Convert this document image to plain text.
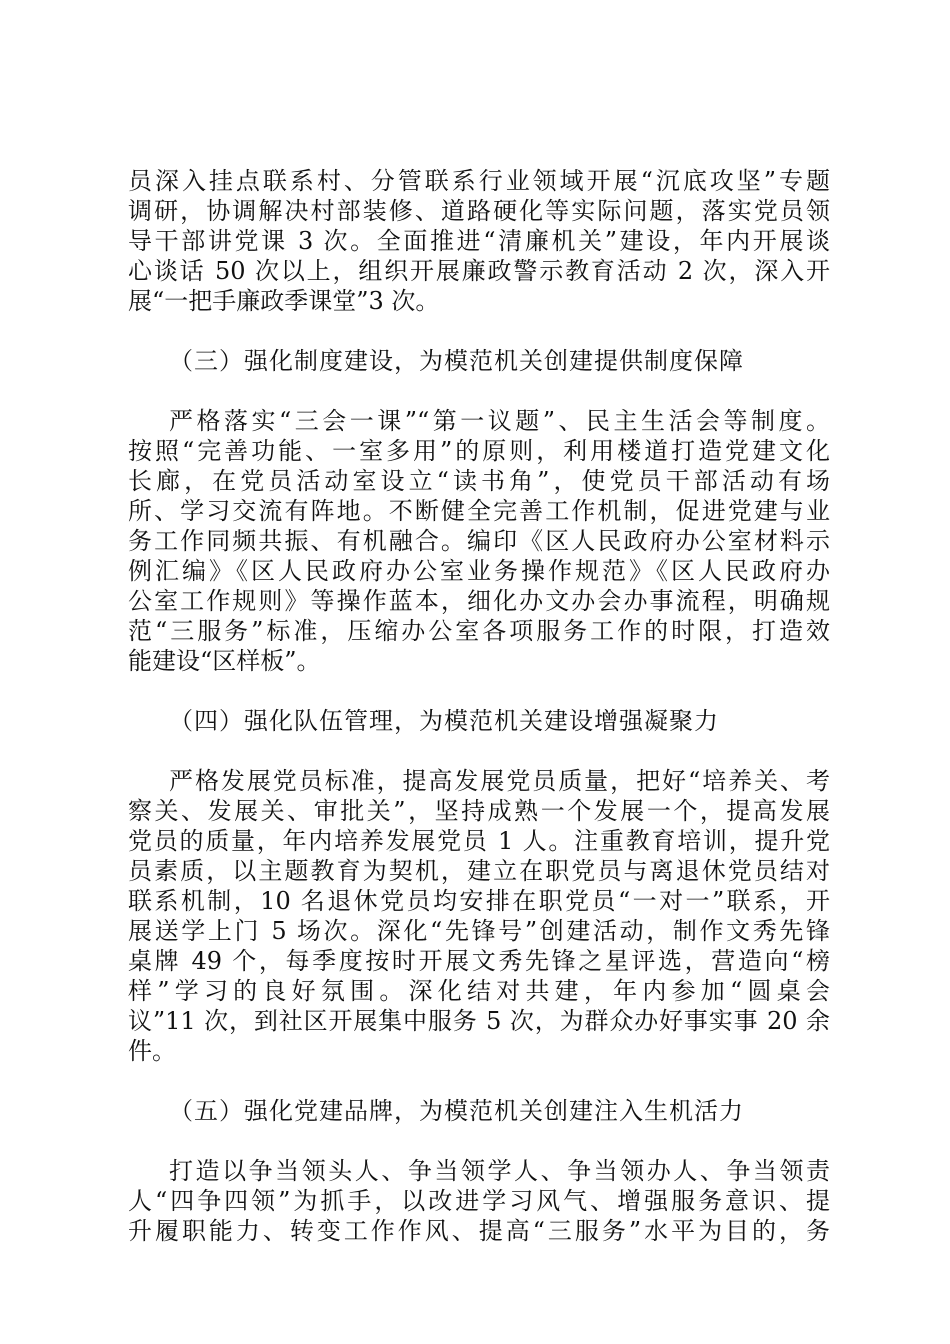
员深入挂点联系村、分管联系行业领域开展“沉底攻坚”专题
调研，协调解决村部装修、道路硬化等实际问题，落实党员领
导干部讲党课 3 次。全面推进“清廉机关”建设，年内开展谈
心谈话 50 次以上，组织开展廉政警示教育活动 2 次，深入开
展“一把手廉政季课堂”3 次。
（三）强化制度建设，为模范机关创建提供制度保障
严格落实“三会一课”“第一议题”、民主生活会等制度。
按照“完善功能、一室多用”的原则，利用楼道打造党建文化
长廊，在党员活动室设立“读书角”，使党员干部活动有场
所、学习交流有阵地。不断健全完善工作机制，促进党建与业
务工作同频共振、有机融合。编印《区人民政府办公室材料示
例汇编》《区人民政府办公室业务操作规范》《区人民政府办
公室工作规则》等操作蓝本，细化办文办会办事流程，明确规
范“三服务”标准，压缩办公室各项服务工作的时限，打造效
能建设“区样板”。
（四）强化队伍管理，为模范机关建设增强凝聚力
严格发展党员标准，提高发展党员质量，把好“培养关、考
察关、发展关、审批关”，坚持成熟一个发展一个，提高发展
党员的质量，年内培养发展党员 1 人。注重教育培训，提升党
员素质，以主题教育为契机，建立在职党员与离退休党员结对
联系机制，10 名退休党员均安排在职党员“一对一”联系，开
展送学上门 5 场次。深化“先锋号”创建活动，制作文秀先锋
桌牌 49 个，每季度按时开展文秀先锋之星评选，营造向“榜
样”学习的良好氛围。深化结对共建，年内参加“圆桌会
议”11 次，到社区开展集中服务 5 次，为群众办好事实事 20 余
件。
（五）强化党建品牌，为模范机关创建注入生机活力
打造以争当领头人、争当领学人、争当领办人、争当领责
人“四争四领”为抓手，以改进学习风气、增强服务意识、提
升履职能力、转变工作作风、提高“三服务”水平为目的，务
